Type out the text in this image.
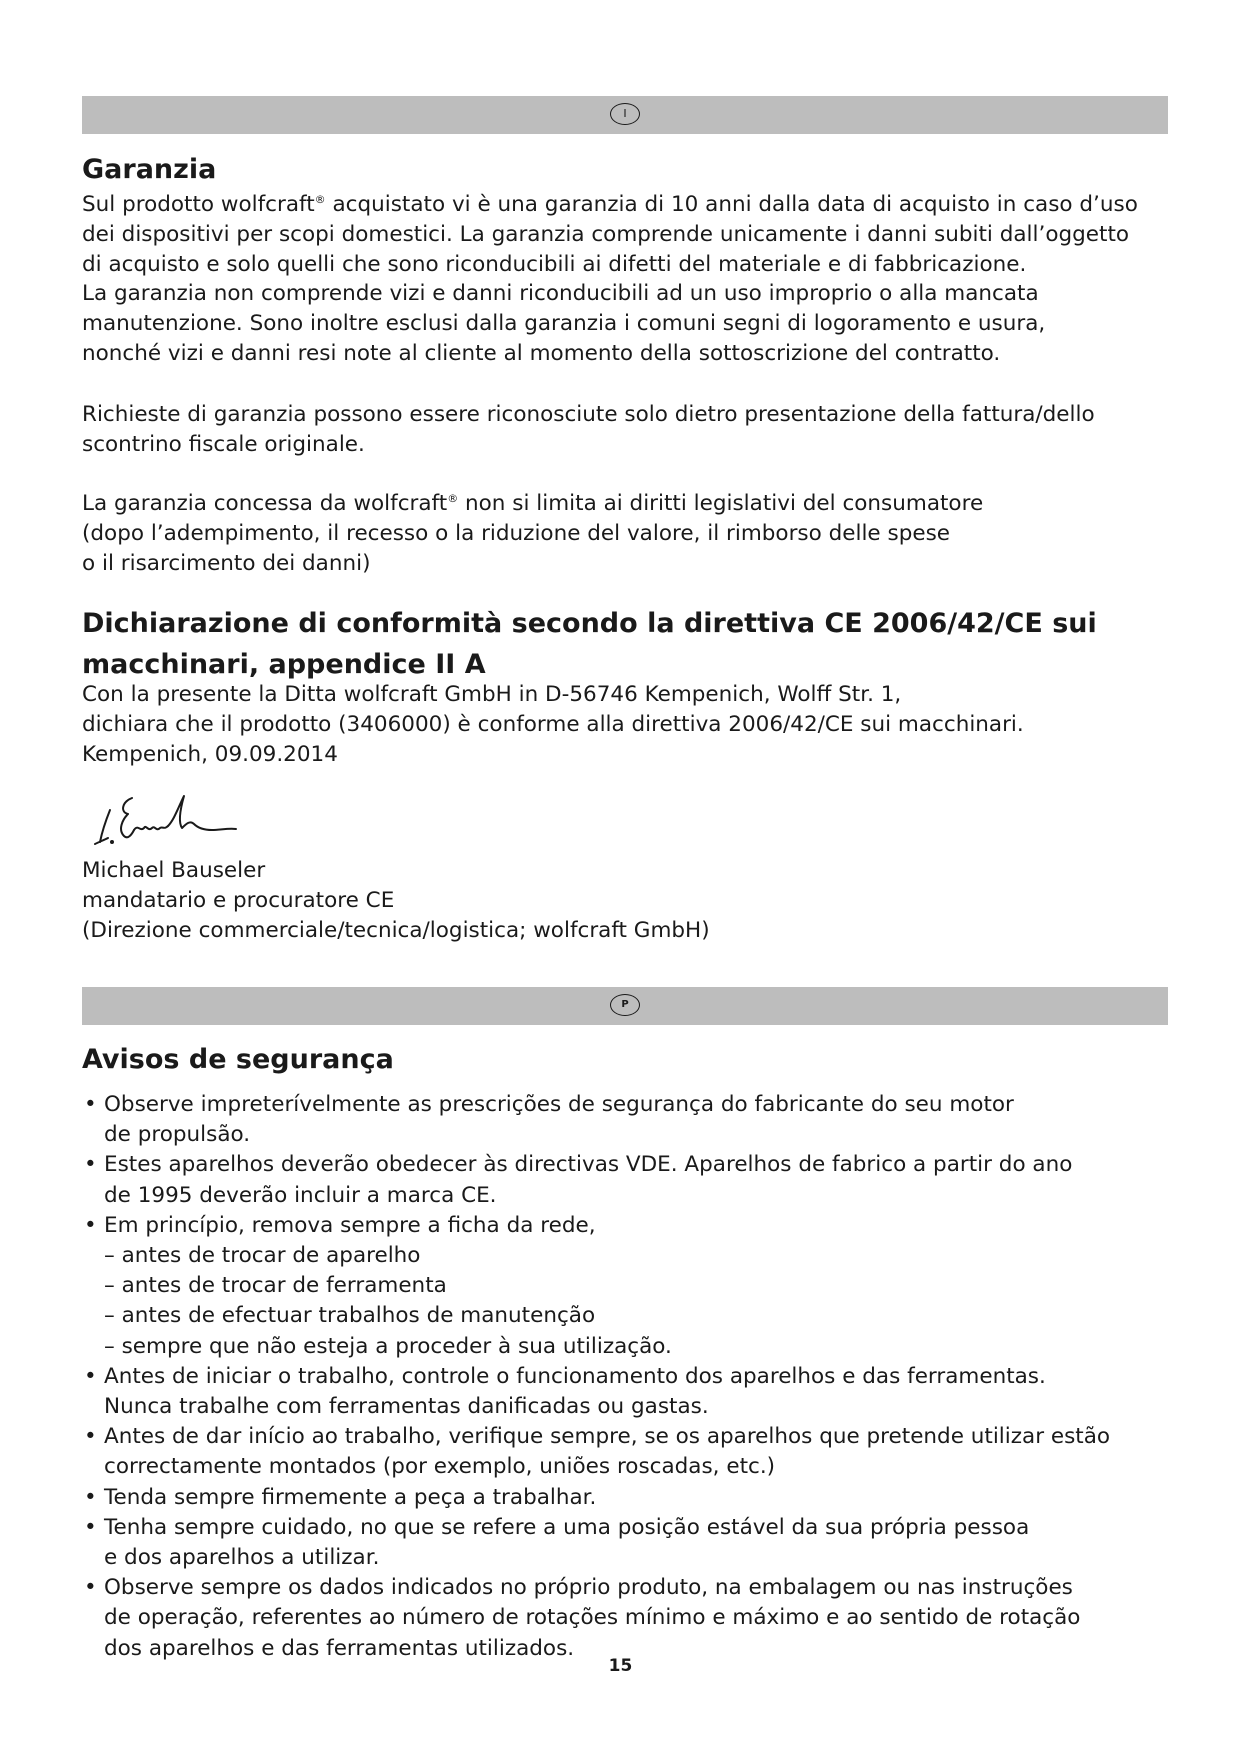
I
Garanzia
Sul prodotto wolfcraft® acquistato vi è una garanzia di 10 anni dalla data di acquisto in caso d’uso
dei dispositivi per scopi domestici. La garanzia comprende unicamente i danni subiti dall’oggetto
di acquisto e solo quelli che sono riconducibili ai difetti del materiale e di fabbricazione.
La garanzia non comprende vizi e danni riconducibili ad un uso improprio o alla mancata
manutenzione. Sono inoltre esclusi dalla garanzia i comuni segni di logoramento e usura,
nonché vizi e danni resi note al cliente al momento della sottoscrizione del contratto.
Richieste di garanzia possono essere riconosciute solo dietro presentazione della fattura/dello
scontrino fiscale originale.
La garanzia concessa da wolfcraft® non si limita ai diritti legislativi del consumatore
(dopo l’adempimento, il recesso o la riduzione del valore, il rimborso delle spese
o il risarcimento dei danni)
Dichiarazione di conformità secondo la direttiva CE 2006/42/CE sui
macchinari, appendice II A
Con la presente la Ditta wolfcraft GmbH in D-56746 Kempenich, Wolff Str. 1,
dichiara che il prodotto (3406000) è conforme alla direttiva 2006/42/CE sui macchinari.
Kempenich, 09.09.2014
Michael Bauseler
mandatario e procuratore CE
(Direzione commerciale/tecnica/logistica; wolfcraft GmbH)
P
Avisos de segurança
• Observe impreterívelmente as prescrições de segurança do fabricante do seu motor
de propulsão.
• Estes aparelhos deverão obedecer às directivas VDE. Aparelhos de fabrico a partir do ano
de 1995 deverão incluir a marca CE.
• Em princípio, remova sempre a ficha da rede,
– antes de trocar de aparelho
– antes de trocar de ferramenta
– antes de efectuar trabalhos de manutenção
– sempre que não esteja a proceder à sua utilização.
• Antes de iniciar o trabalho, controle o funcionamento dos aparelhos e das ferramentas.
Nunca trabalhe com ferramentas danificadas ou gastas.
• Antes de dar início ao trabalho, verifique sempre, se os aparelhos que pretende utilizar estão
correctamente montados (por exemplo, uniões roscadas, etc.)
• Tenda sempre firmemente a peça a trabalhar.
• Tenha sempre cuidado, no que se refere a uma posição estável da sua própria pessoa
e dos aparelhos a utilizar.
• Observe sempre os dados indicados no próprio produto, na embalagem ou nas instruções
de operação, referentes ao número de rotações mínimo e máximo e ao sentido de rotação
dos aparelhos e das ferramentas utilizados.
15
